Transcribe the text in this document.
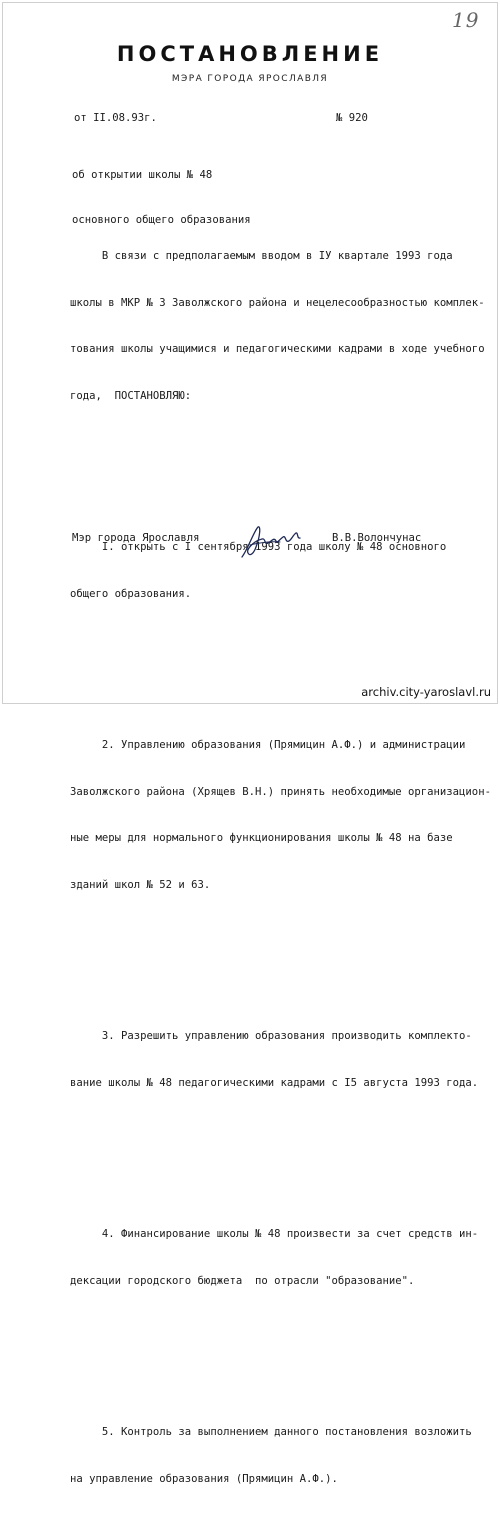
19
ПОСТАНОВЛЕНИЕ
МЭРА ГОРОДА ЯРОСЛАВЛЯ
от II.08.93г.	№ 920

об открытии школы № 48

основного общего образования

В связи с предполагаемым вводом в IУ квартале 1993 года

школы в МКР № 3 Заволжского района и нецелесообразностью комплек-

тования школы учащимися и педагогическими кадрами в ходе учебного

года,  ПОСТАНОВЛЯЮ:

I. открыть с I сентября 1993 года школу № 48 основного

общего образования.

2. Управлению образования (Прямицин А.Ф.) и администрации

Заволжского района (Хрящев В.Н.) принять необходимые организацион-

ные меры для нормального функционирования школы № 48 на базе

зданий школ № 52 и 63.

3. Разрешить управлению образования производить комплектo-

вание школы № 48 педагогическими кадрами с I5 августа 1993 года.

4. Финансирование школы № 48 произвести за счет средств ин-

дексации городского бюджета  по отрасли "образование".

5. Контроль за выполнением данного постановления возложить

на управление образования (Прямицин А.Ф.).

Мэр города Ярославля	В.В.Волончунас
archiv.city-yaroslavl.ru
